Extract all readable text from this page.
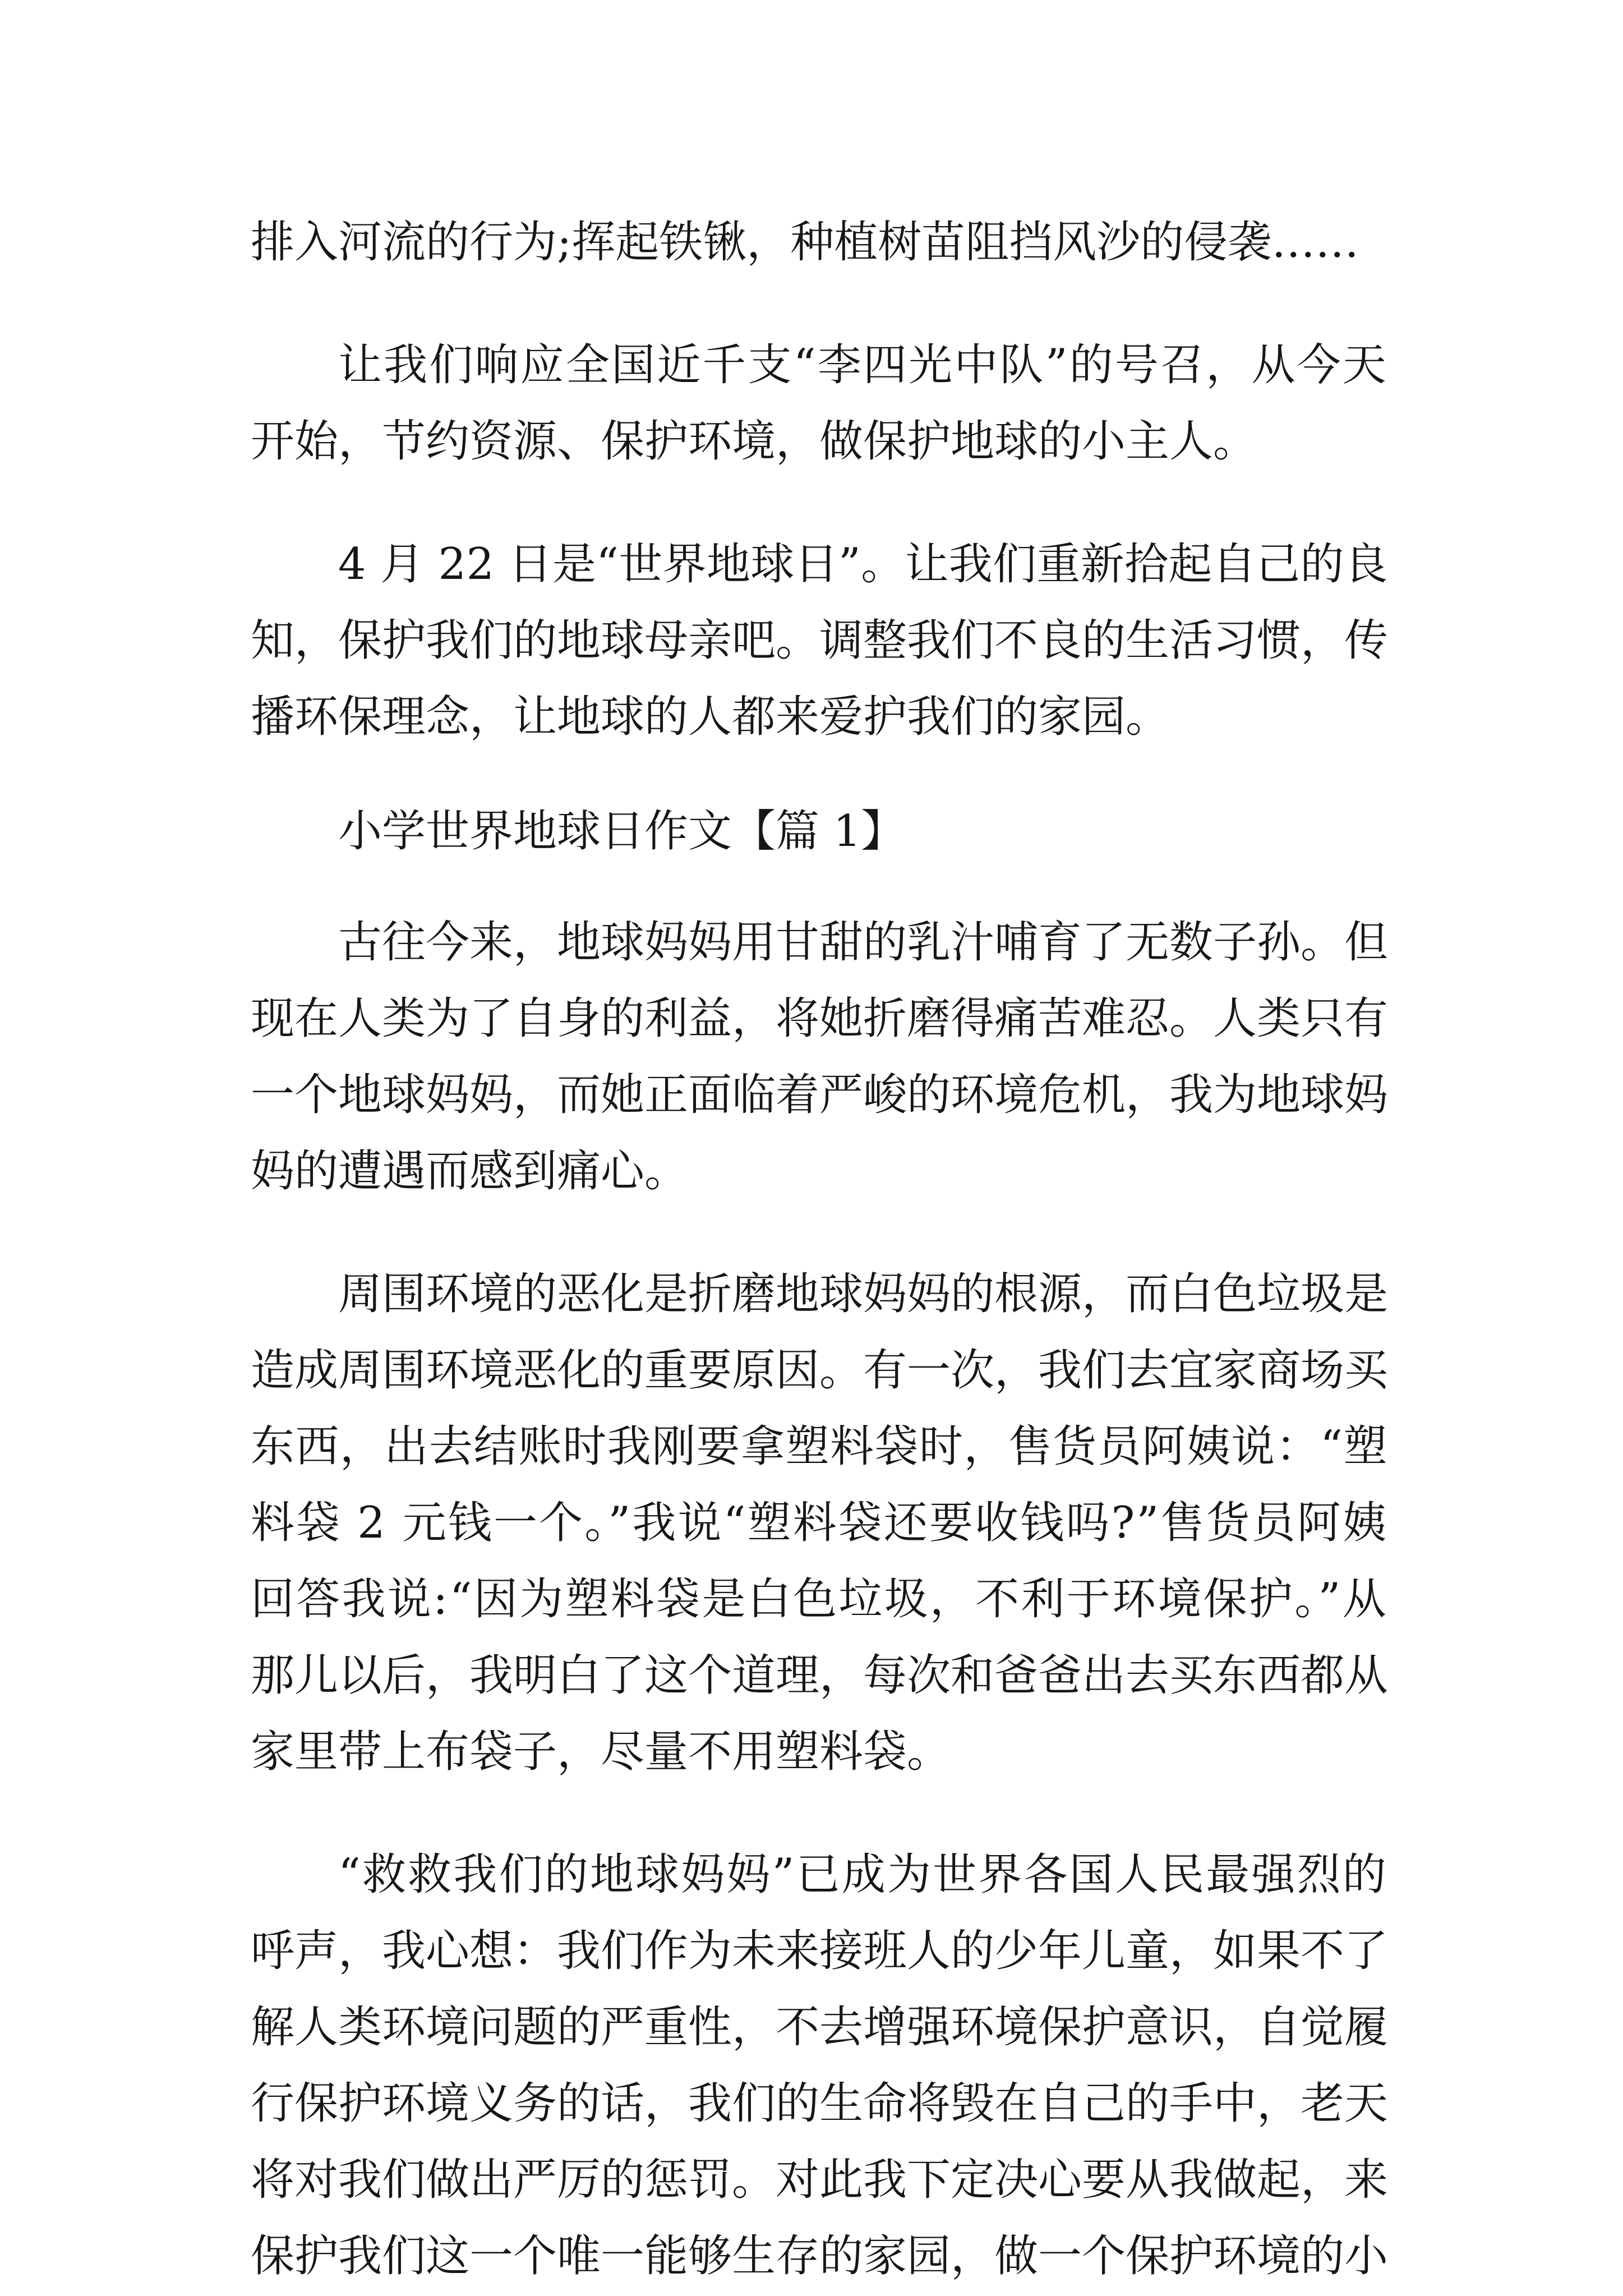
排入河流的行为;挥起铁锹，种植树苗阻挡风沙的侵袭……
让我们响应全国近千支“李四光中队”的号召，从今天
开始，节约资源、保护环境，做保护地球的小主人。
4 月 22 日是“世界地球日”。让我们重新拾起自己的良
知，保护我们的地球母亲吧。调整我们不良的生活习惯，传
播环保理念，让地球的人都来爱护我们的家园。
小学世界地球日作文【篇 1】
古往今来，地球妈妈用甘甜的乳汁哺育了无数子孙。但
现在人类为了自身的利益，将她折磨得痛苦难忍。人类只有
一个地球妈妈，而她正面临着严峻的环境危机，我为地球妈
妈的遭遇而感到痛心。
周围环境的恶化是折磨地球妈妈的根源，而白色垃圾是
造成周围环境恶化的重要原因。有一次，我们去宜家商场买
东西，出去结账时我刚要拿塑料袋时，售货员阿姨说：“塑
料袋 2 元钱一个。”我说“塑料袋还要收钱吗?”售货员阿姨
回答我说:“因为塑料袋是白色垃圾，不利于环境保护。”从
那儿以后，我明白了这个道理，每次和爸爸出去买东西都从
家里带上布袋子，尽量不用塑料袋。
“救救我们的地球妈妈”已成为世界各国人民最强烈的
呼声，我心想：我们作为未来接班人的少年儿童，如果不了
解人类环境问题的严重性，不去增强环境保护意识，自觉履
行保护环境义务的话，我们的生命将毁在自己的手中，老天
将对我们做出严厉的惩罚。对此我下定决心要从我做起，来
保护我们这一个唯一能够生存的家园，做一个保护环境的小
